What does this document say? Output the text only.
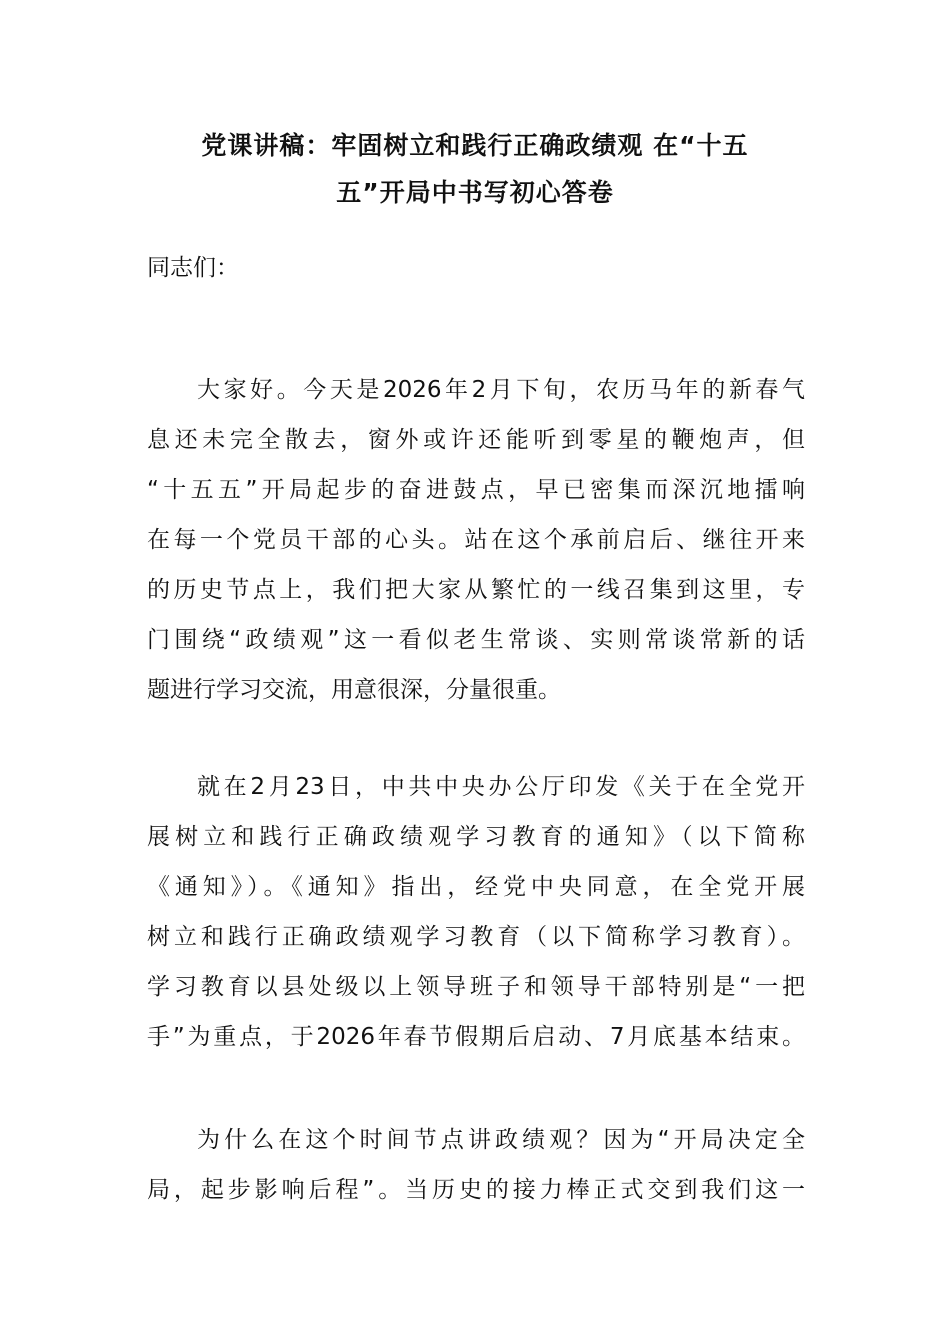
党课讲稿：牢固树立和践行正确政绩观 在“十五
五”开局中书写初心答卷
同志们：
大家好。今天是2026年2月下旬，农历马年的新春气
息还未完全散去，窗外或许还能听到零星的鞭炮声，但
“十五五”开局起步的奋进鼓点，早已密集而深沉地擂响
在每一个党员干部的心头。站在这个承前启后、继往开来
的历史节点上，我们把大家从繁忙的一线召集到这里，专
门围绕“政绩观”这一看似老生常谈、实则常谈常新的话
题进行学习交流，用意很深，分量很重。
就在2月23日，中共中央办公厅印发《关于在全党开
展树立和践行正确政绩观学习教育的通知》（以下简称
《通知》）。《通知》指出，经党中央同意，在全党开展
树立和践行正确政绩观学习教育（以下简称学习教育）。
学习教育以县处级以上领导班子和领导干部特别是“一把
手”为重点，于2026年春节假期后启动、7月底基本结束。
为什么在这个时间节点讲政绩观？因为“开局决定全
局，起步影响后程”。当历史的接力棒正式交到我们这一
